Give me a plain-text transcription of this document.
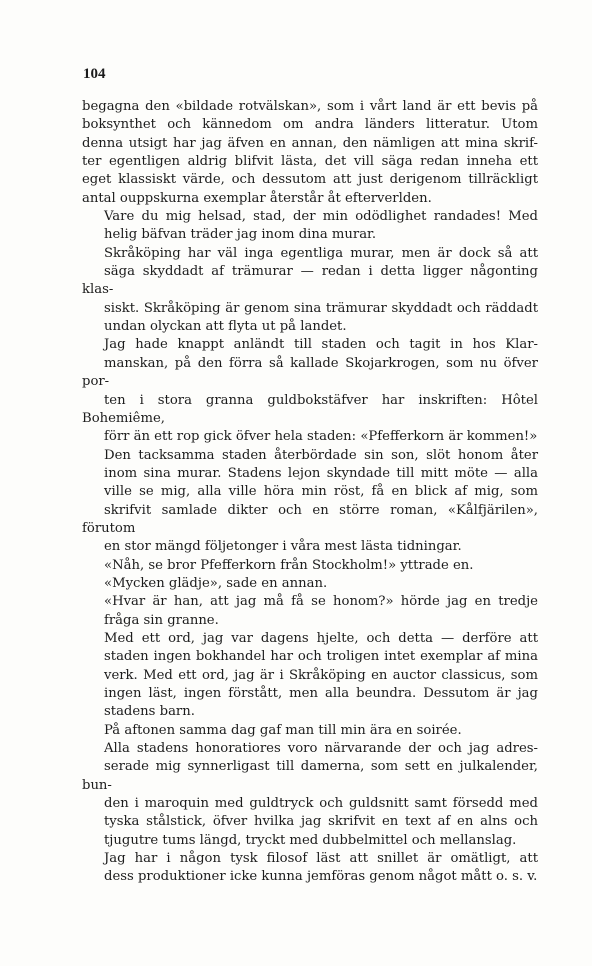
104
begagna den «bildade rotvälskan», som i vårt land är ett bevis på
boksynthet och kännedom om andra länders litteratur. Utom
denna utsigt har jag äfven en annan, den nämligen att mina skrif-
ter egentligen aldrig blifvit lästa, det vill säga redan inneha ett
eget klassiskt värde, och dessutom att just derigenom tillräckligt
antal ouppskurna exemplar återstår åt efterverlden.
Vare du mig helsad, stad, der min odödlighet randades! Med
helig bäfvan träder jag inom dina murar.
Skråköping har väl inga egentliga murar, men är dock så att
säga skyddadt af trämurar — redan i detta ligger någonting klas-
siskt. Skråköping är genom sina trämurar skyddadt och räddadt
undan olyckan att flyta ut på landet.
Jag hade knappt anländt till staden och tagit in hos Klar-
manskan, på den förra så kallade Skojarkrogen, som nu öfver por-
ten i stora granna guldbokstäfver har inskriften: Hôtel Bohemiême,
förr än ett rop gick öfver hela staden: «Pfefferkorn är kommen!»
Den tacksamma staden återbördade sin son, slöt honom åter
inom sina murar. Stadens lejon skyndade till mitt möte — alla
ville se mig, alla ville höra min röst, få en blick af mig, som
skrifvit samlade dikter och en större roman, «Kålfjärilen», förutom
en stor mängd följetonger i våra mest lästa tidningar.
«Nåh, se bror Pfefferkorn från Stockholm!» yttrade en.
«Mycken glädje», sade en annan.
«Hvar är han, att jag må få se honom?» hörde jag en tredje
fråga sin granne.
Med ett ord, jag var dagens hjelte, och detta — derföre att
staden ingen bokhandel har och troligen intet exemplar af mina
verk. Med ett ord, jag är i Skråköping en auctor classicus, som
ingen läst, ingen förstått, men alla beundra. Dessutom är jag
stadens barn.
På aftonen samma dag gaf man till min ära en soirée.
Alla stadens honoratiores voro närvarande der och jag adres-
serade mig synnerligast till damerna, som sett en julkalender, bun-
den i maroquin med guldtryck och guldsnitt samt försedd med
tyska stålstick, öfver hvilka jag skrifvit en text af en alns och
tjugutre tums längd, tryckt med dubbelmittel och mellanslag.
Jag har i någon tysk filosof läst att snillet är omätligt, att
dess produktioner icke kunna jemföras genom något mått o. s. v.
